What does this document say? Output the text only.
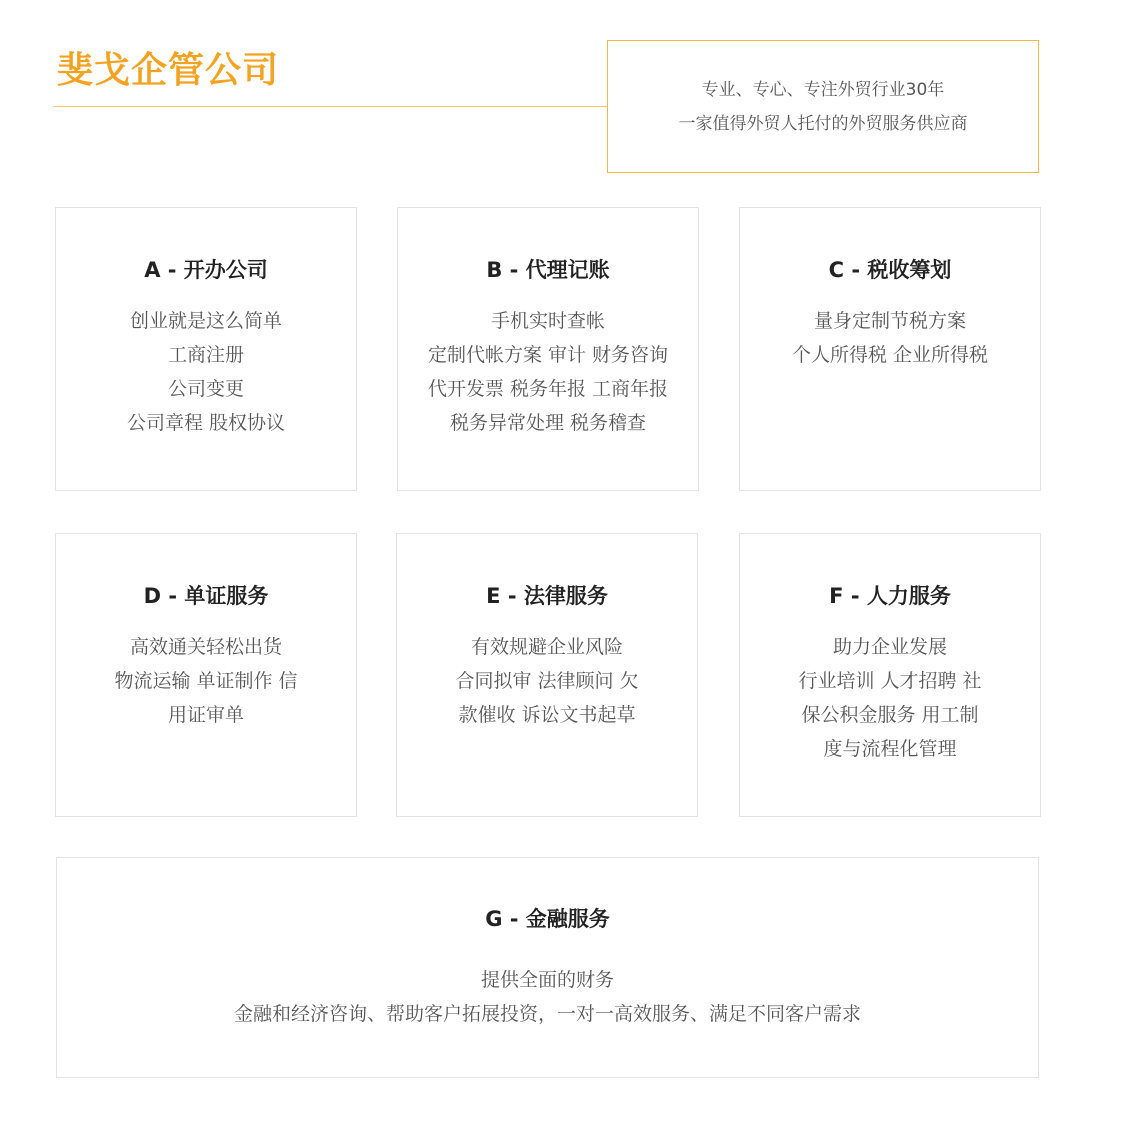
斐戈企管公司	专业、专心、专注外贸行业30年
一家值得外贸人托付的外贸服务供应商
A - 开办公司
创业就是这么简单
工商注册
公司变更
公司章程 股权协议
B - 代理记账
手机实时查帐
定制代帐方案 审计 财务咨询
代开发票 税务年报 工商年报
税务异常处理 税务稽查
C - 税收筹划
量身定制节税方案
个人所得税 企业所得税
D - 单证服务
高效通关轻松出货
物流运输 单证制作 信
用证审单
E - 法律服务
有效规避企业风险
合同拟审 法律顾问 欠
款催收 诉讼文书起草
F - 人力服务
助力企业发展
行业培训 人才招聘 社
保公积金服务 用工制
度与流程化管理
G - 金融服务
提供全面的财务
金融和经济咨询、帮助客户拓展投资，一对一高效服务、满足不同客户需求
